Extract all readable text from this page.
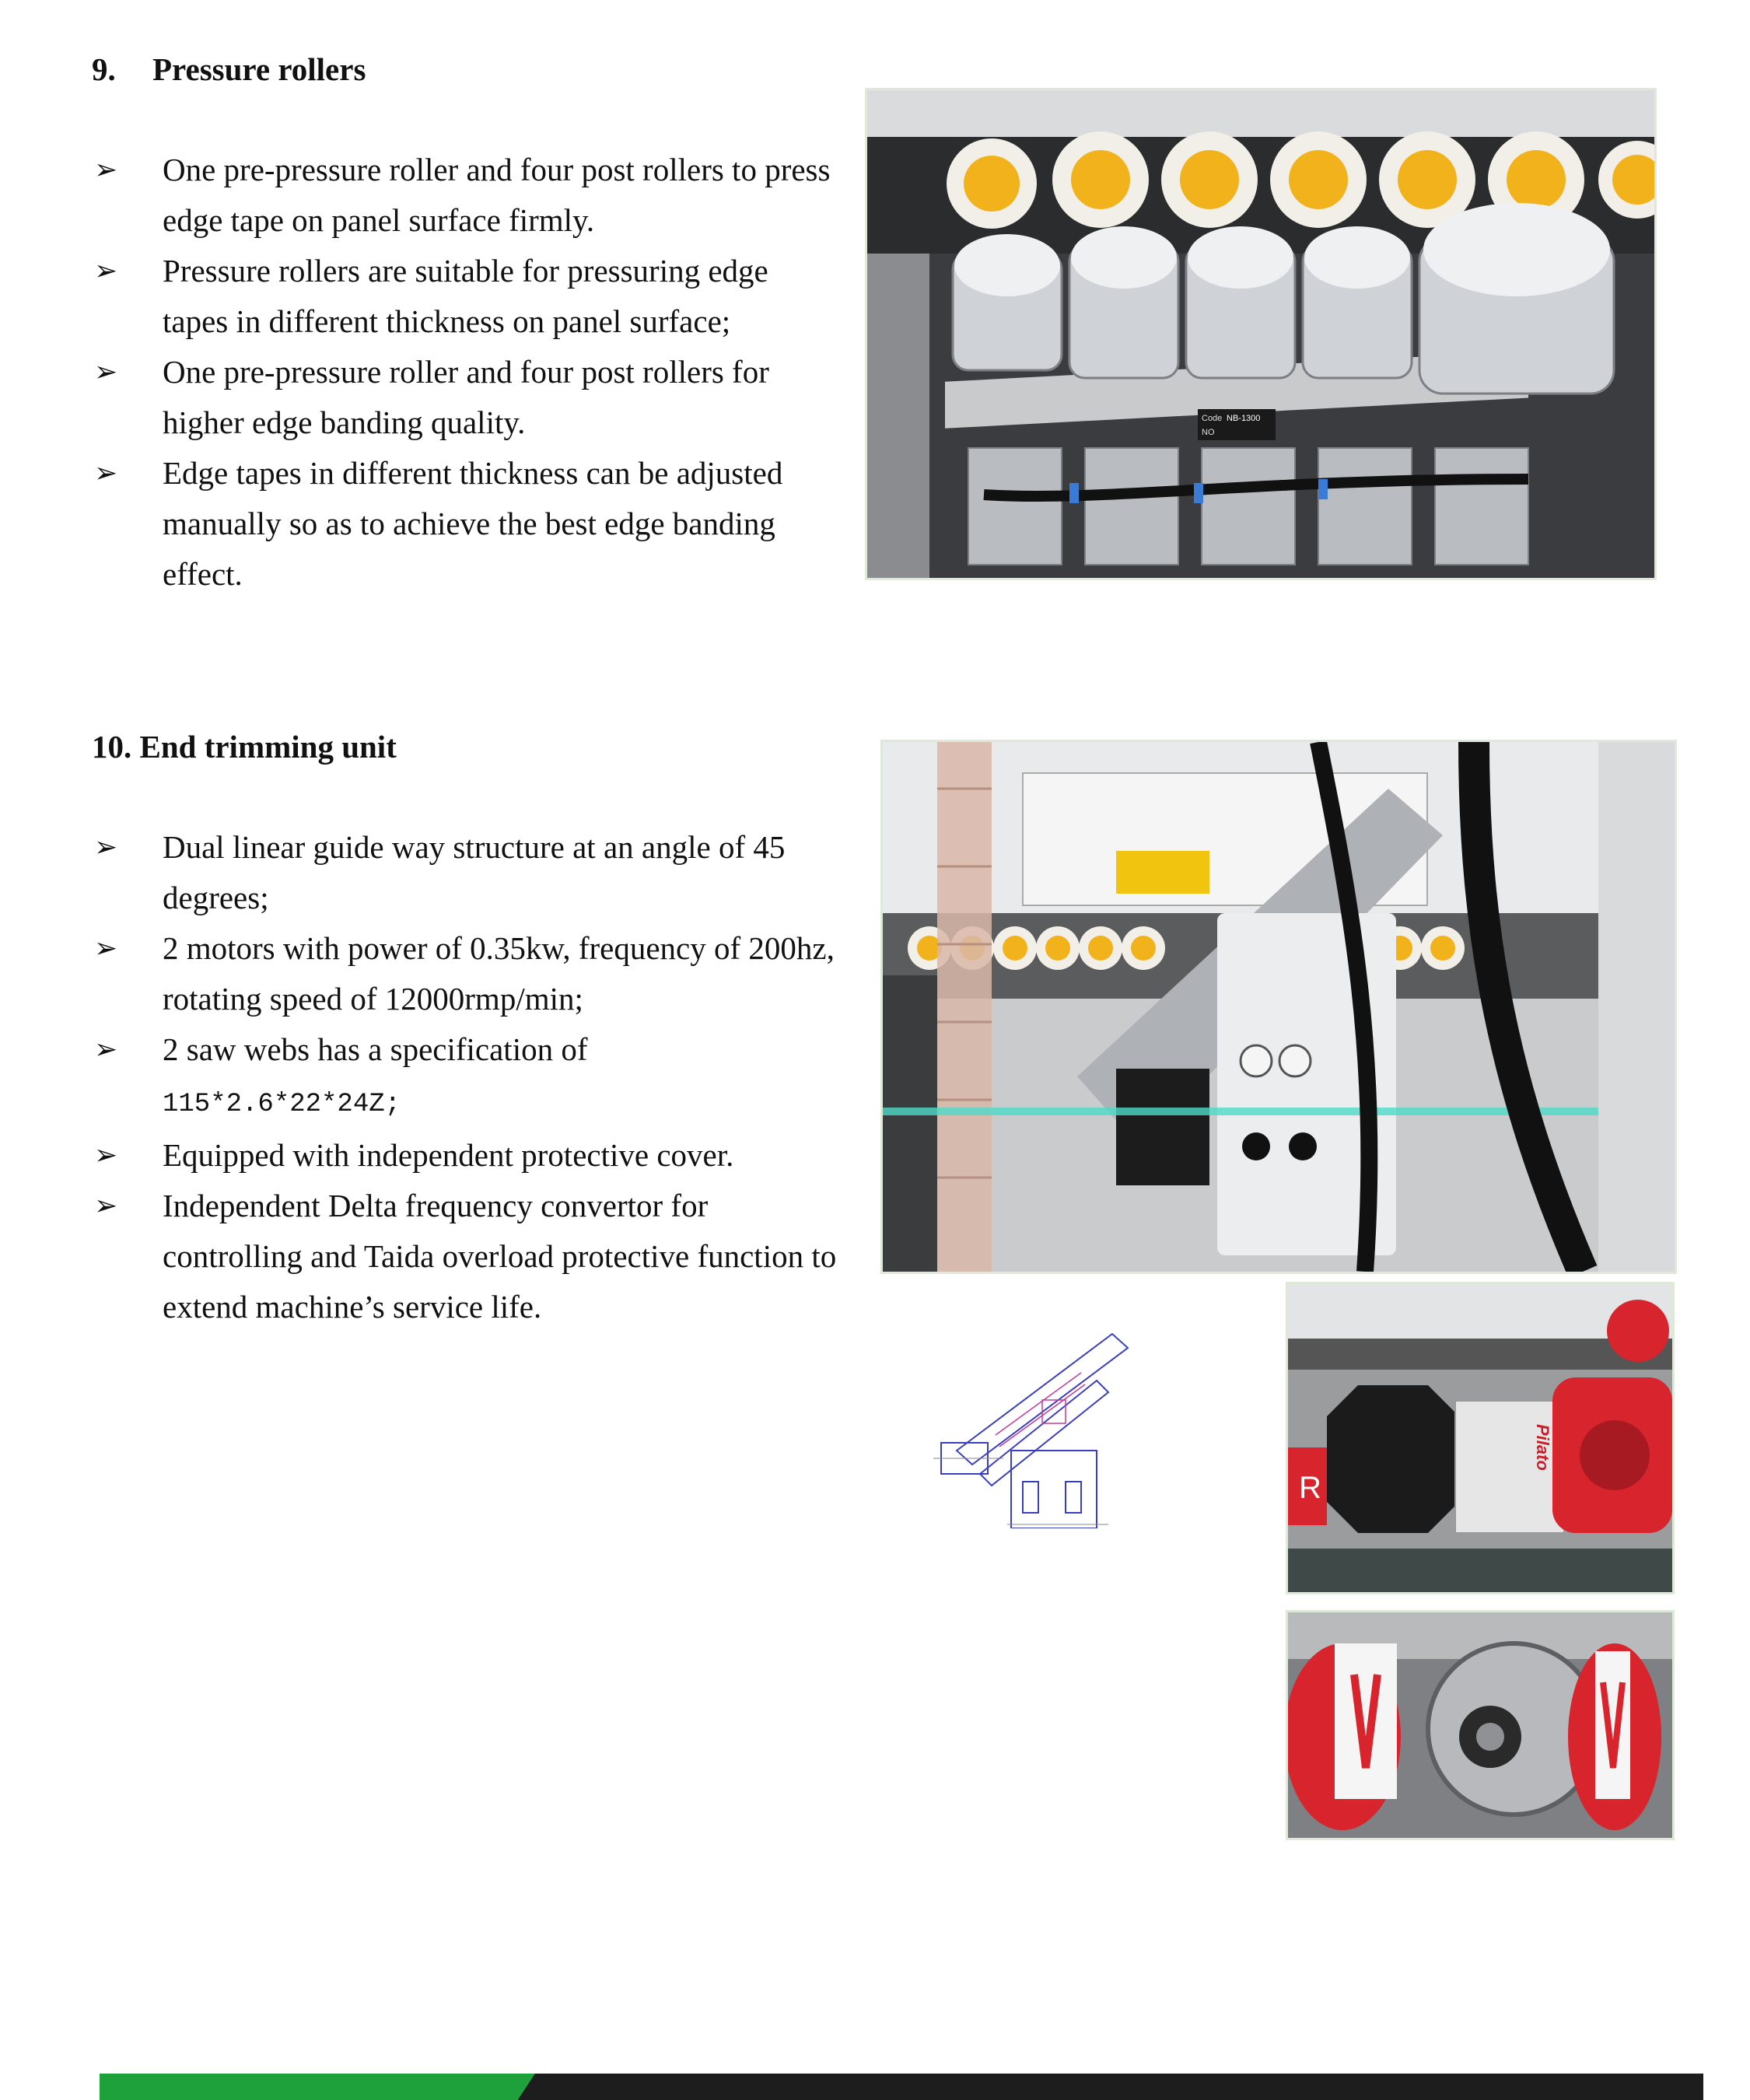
9. Pressure rollers
➢ One pre-pressure roller and four post rollers to press edge tape on panel surface firmly.
➢ Pressure rollers are suitable for pressuring edge tapes in different thickness on panel surface;
➢ One pre-pressure roller and four post rollers for higher edge banding quality.
➢ Edge tapes in different thickness can be adjusted manually so as to achieve the best edge banding effect.
Code NB-1300
NO
10. End trimming unit
➢ Dual linear guide way structure at an angle of 45 degrees;
➢ 2 motors with power of 0.35kw, frequency of 200hz, rotating speed of 12000rmp/min;
➢ 2 saw webs has a specification of
115*2.6*22*24Z;
➢ Equipped with independent protective cover.
➢ Independent Delta frequency convertor for controlling and Taida overload protective function to extend machine’s service life.
R
Pilato
